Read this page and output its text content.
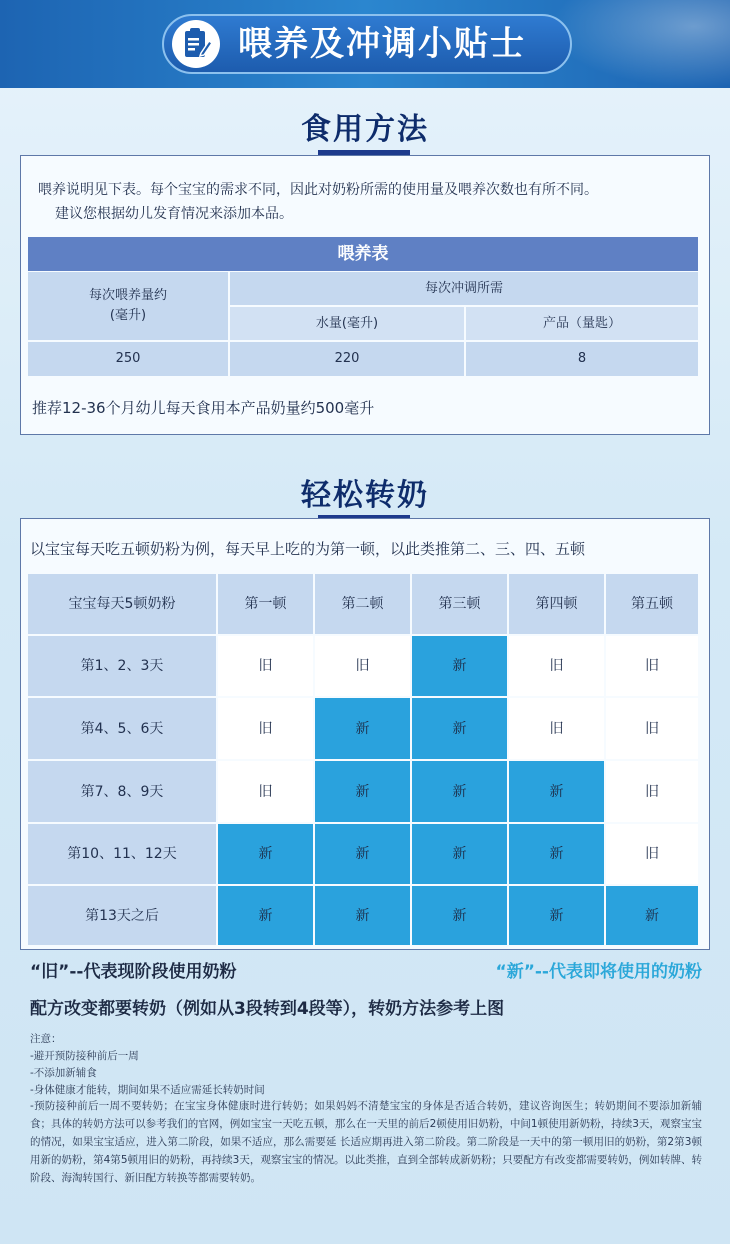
喂养及冲调小贴士
食用方法
喂养说明见下表。每个宝宝的需求不同，因此对奶粉所需的使用量及喂养次数也有所不同。
建议您根据幼儿发育情况来添加本品。
喂养表
每次喂养量约
(毫升)
每次冲调所需
水量(毫升)	产品（量匙）
250	220	8
推荐12-36个月幼儿每天食用本产品奶量约500毫升
轻松转奶
以宝宝每天吃五顿奶粉为例，每天早上吃的为第一顿，以此类推第二、三、四、五顿
宝宝每天5顿奶粉	第一顿	第二顿	第三顿	第四顿	第五顿
第1、2、3天	旧	旧	新	旧	旧
第4、5、6天	旧	新	新	旧	旧
第7、8、9天	旧	新	新	新	旧
第10、11、12天	新	新	新	新	旧
第13天之后	新	新	新	新	新
“旧”--代表现阶段使用奶粉	“新”--代表即将使用的奶粉
配方改变都要转奶（例如从3段转到4段等），转奶方法参考上图
注意：
-避开预防接种前后一周
-不添加新辅食
-身体健康才能转，期间如果不适应需延长转奶时间
-预防接种前后一周不要转奶；在宝宝身体健康时进行转奶；如果妈妈不清楚宝宝的身体是否适合转奶，建议咨询医生；转奶期间不要添加新辅食；具体的转奶方法可以参考我们的官网，例如宝宝一天吃五顿，那么在一天里的前后2顿使用旧奶粉，中间1顿使用新奶粉，持续3天，观察宝宝的情况，如果宝宝适应，进入第二阶段，如果不适应，那么需要延 长适应期再进入第二阶段。第二阶段是一天中的第一顿用旧的奶粉，第2第3顿用新的奶粉，第4第5顿用旧的奶粉，再持续3天，观察宝宝的情况。以此类推，直到全部转成新奶粉；只要配方有改变都需要转奶，例如转牌、转阶段、海淘转国行、新旧配方转换等都需要转奶。
